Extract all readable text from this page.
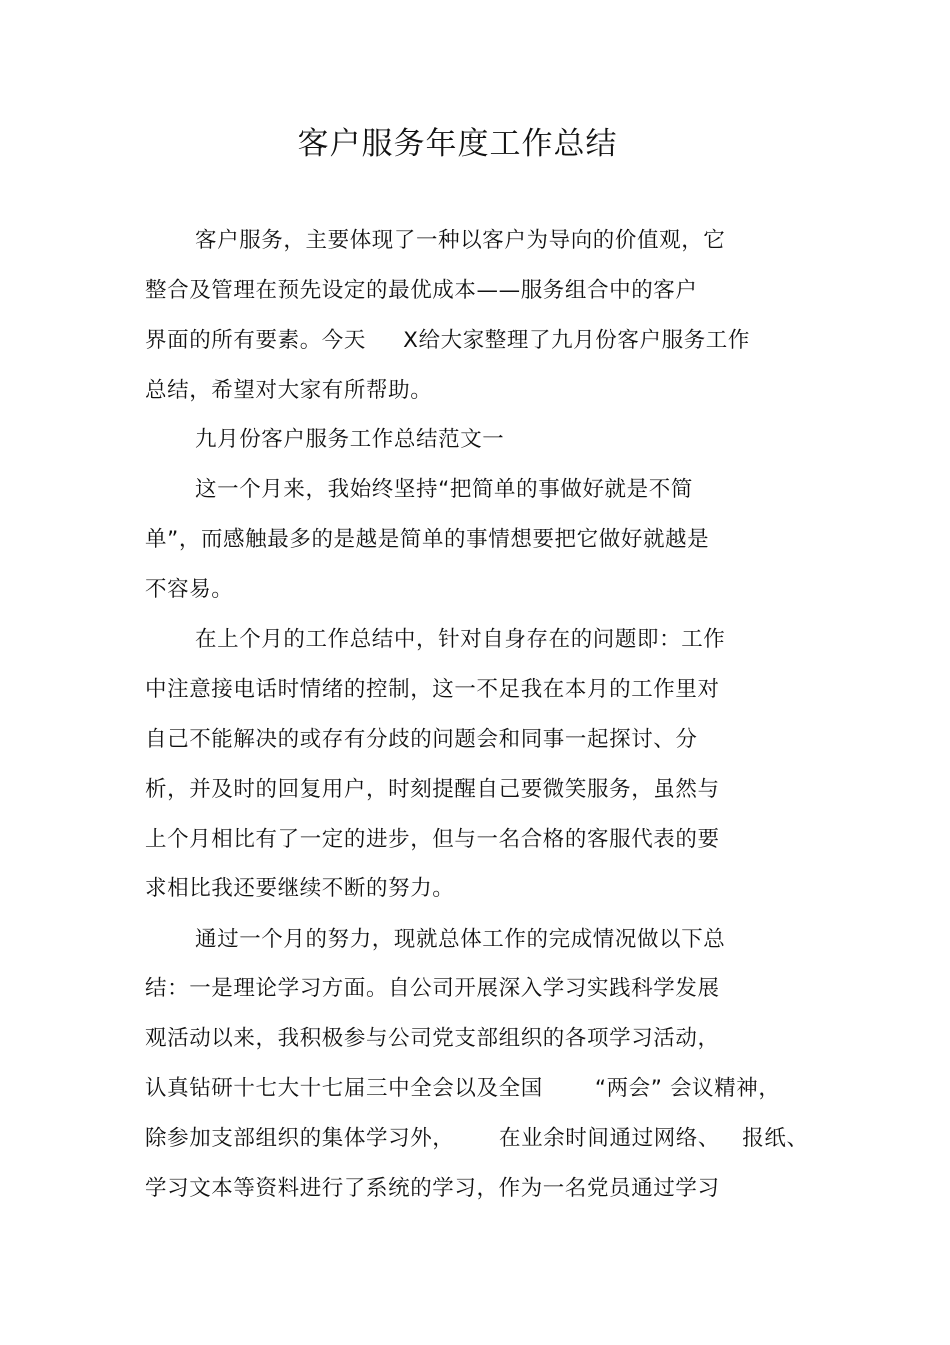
客户服务年度工作总结
客户服务，主要体现了一种以客户为导向的价值观，它
整合及管理在预先设定的最优成本——服务组合中的客户
界面的所有要素。今天     X给大家整理了九月份客户服务工作
总结，希望对大家有所帮助。
九月份客户服务工作总结范文一
这一个月来，我始终坚持“把简单的事做好就是不简
单”，而感触最多的是越是简单的事情想要把它做好就越是
不容易。
在上个月的工作总结中，针对自身存在的问题即：工作
中注意接电话时情绪的控制，这一不足我在本月的工作里对
自己不能解决的或存有分歧的问题会和同事一起探讨、分
析，并及时的回复用户，时刻提醒自己要微笑服务，虽然与
上个月相比有了一定的进步，但与一名合格的客服代表的要
求相比我还要继续不断的努力。
通过一个月的努力，现就总体工作的完成情况做以下总
结：一是理论学习方面。自公司开展深入学习实践科学发展
观活动以来，我积极参与公司党支部组织的各项学习活动，
认真钻研十七大十七届三中全会以及全国       “两会” 会议精神，
除参加支部组织的集体学习外，      在业余时间通过网络、   报纸、
学习文本等资料进行了系统的学习，作为一名党员通过学习
